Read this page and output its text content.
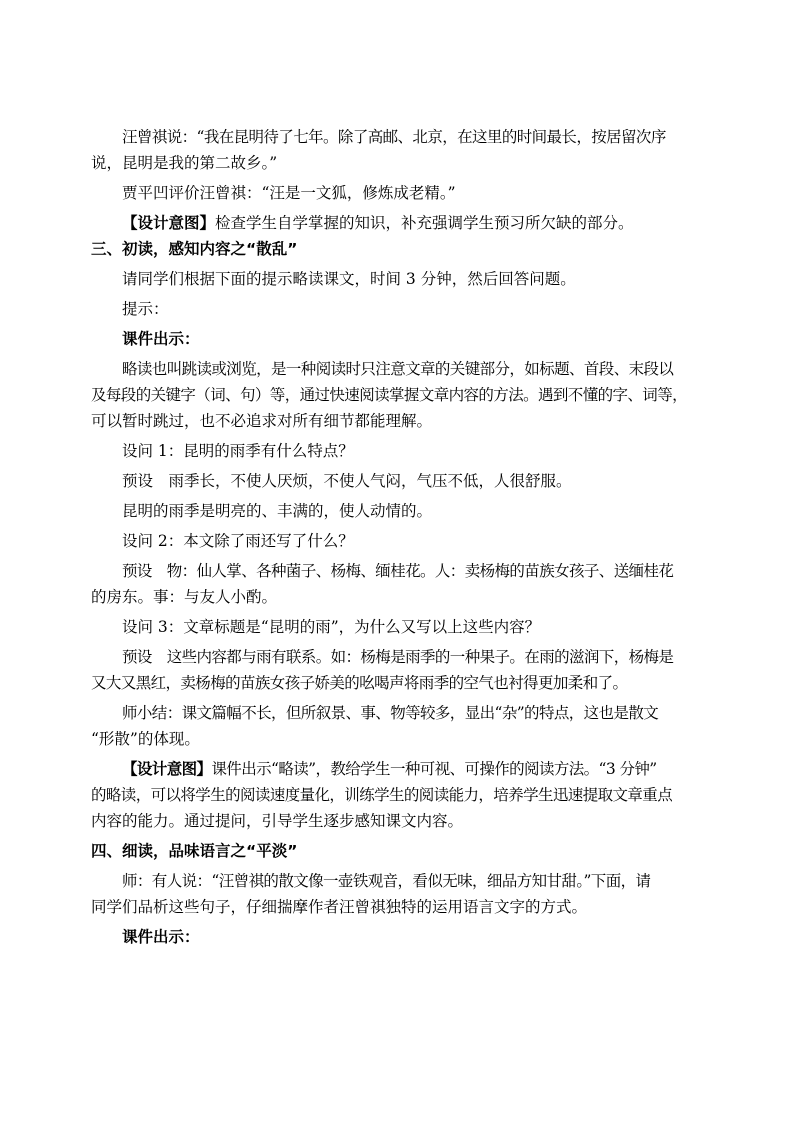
汪曾祺说：“我在昆明待了七年。除了高邮、北京，在这里的时间最长，按居留次序
说，昆明是我的第二故乡。”
贾平凹评价汪曾祺：“汪是一文狐，修炼成老精。”
【设计意图】检查学生自学掌握的知识，补充强调学生预习所欠缺的部分。
三、初读，感知内容之“散乱”
请同学们根据下面的提示略读课文，时间 3 分钟，然后回答问题。
提示：
课件出示：
略读也叫跳读或浏览，是一种阅读时只注意文章的关键部分，如标题、首段、末段以
及每段的关键字（词、句）等，通过快速阅读掌握文章内容的方法。遇到不懂的字、词等，
可以暂时跳过，也不必追求对所有细节都能理解。
设问 1：昆明的雨季有什么特点？
预设　雨季长，不使人厌烦，不使人气闷，气压不低，人很舒服。
昆明的雨季是明亮的、丰满的，使人动情的。
设问 2：本文除了雨还写了什么？
预设　物：仙人掌、各种菌子、杨梅、缅桂花。人：卖杨梅的苗族女孩子、送缅桂花
的房东。事：与友人小酌。
设问 3：文章标题是“昆明的雨”，为什么又写以上这些内容？
预设　这些内容都与雨有联系。如：杨梅是雨季的一种果子。在雨的滋润下，杨梅是
又大又黑红，卖杨梅的苗族女孩子娇美的吆喝声将雨季的空气也衬得更加柔和了。
师小结：课文篇幅不长，但所叙景、事、物等较多，显出“杂”的特点，这也是散文
“形散”的体现。
【设计意图】课件出示“略读”，教给学生一种可视、可操作的阅读方法。“3 分钟”
的略读，可以将学生的阅读速度量化，训练学生的阅读能力，培养学生迅速提取文章重点
内容的能力。通过提问，引导学生逐步感知课文内容。
四、细读，品味语言之“平淡”
师：有人说：“汪曾祺的散文像一壶铁观音，看似无味，细品方知甘甜。”下面，请
同学们品析这些句子，仔细揣摩作者汪曾祺独特的运用语言文字的方式。
课件出示：
